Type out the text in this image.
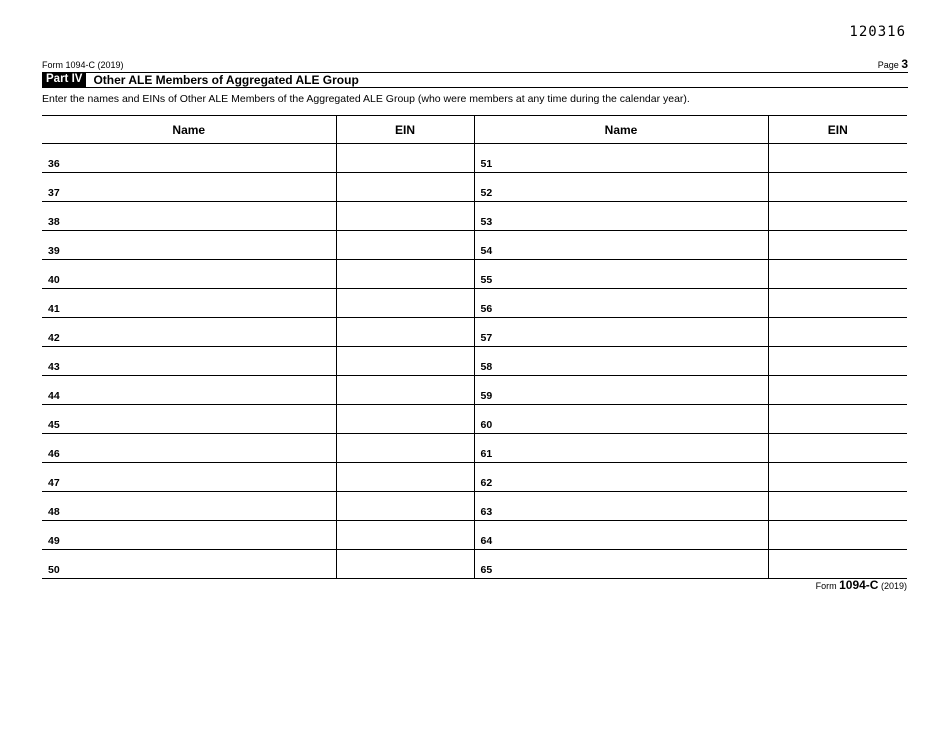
120316
Form 1094-C (2019)	Page 3
Part IV Other ALE Members of Aggregated ALE Group
Enter the names and EINs of Other ALE Members of the Aggregated ALE Group (who were members at any time during the calendar year).
Name	EIN	Name	EIN
36		51	
37		52	
38		53	
39		54	
40		55	
41		56	
42		57	
43		58	
44		59	
45		60	
46		61	
47		62	
48		63	
49		64	
50		65	
Form 1094-C (2019)
